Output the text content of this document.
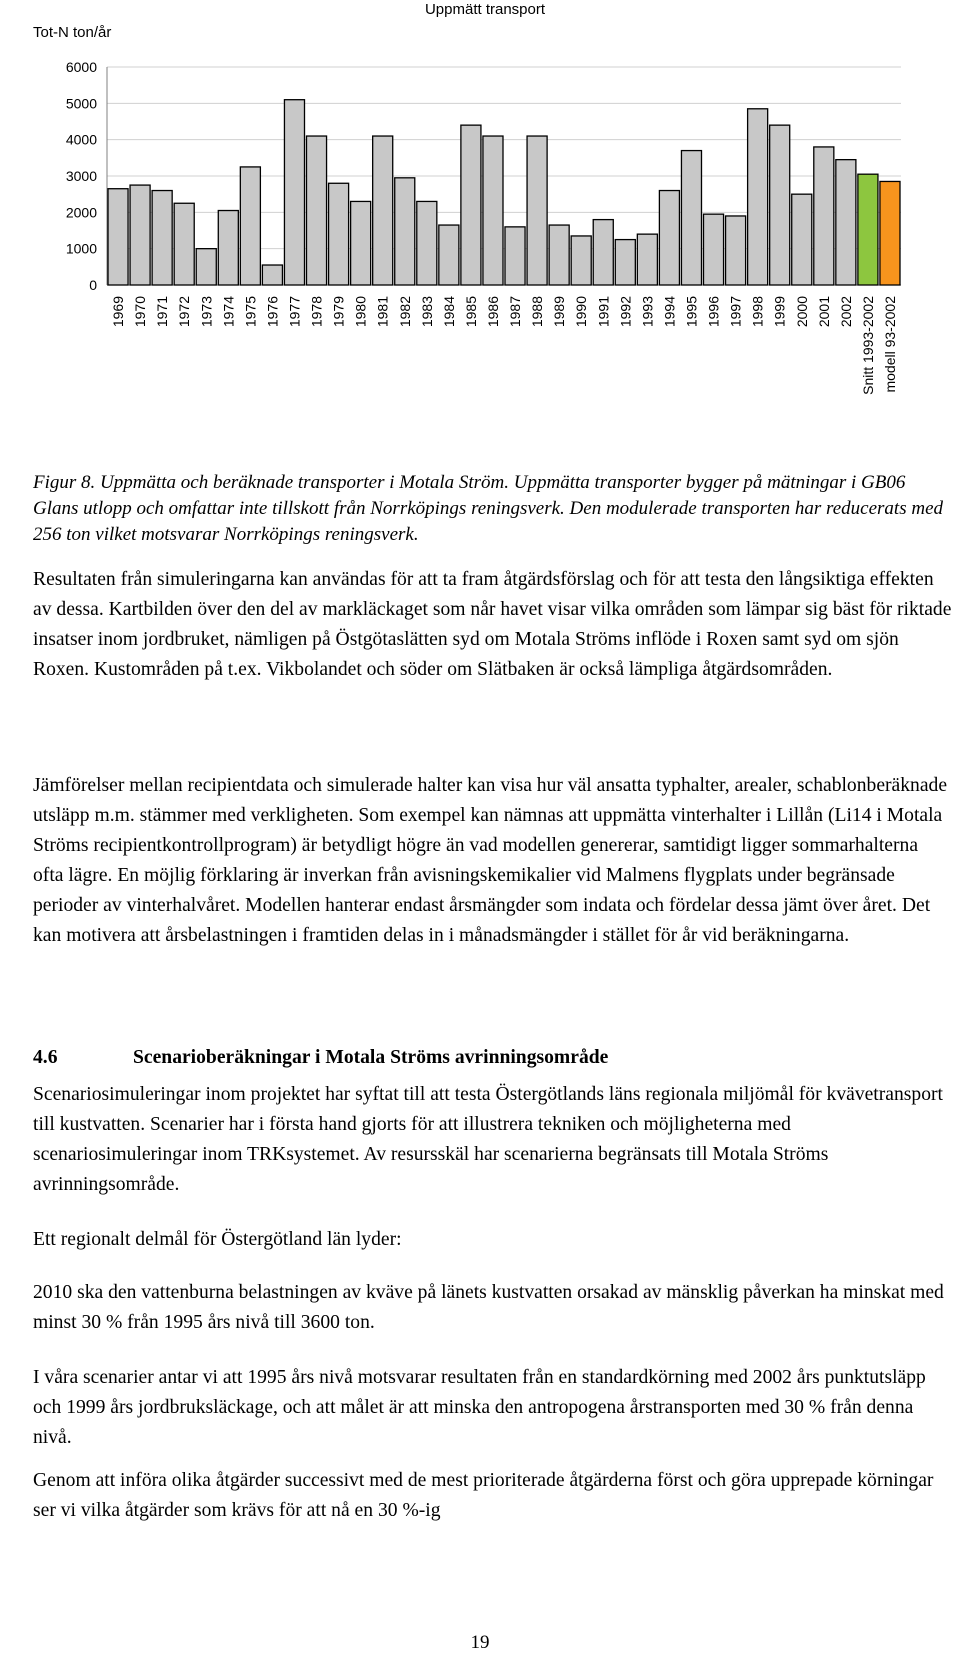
Tot-N ton/år
Uppmätt transport
6000
5000
4000
3000
2000
1000
0
1969 1970 1971 1972 1973 1974 1975 1976 1977 1978 1979 1980 1981 1982 1983 1984 1985 1986 1987 1988 1989 1990 1991 1992 1993 1994 1995 1996 1997 1998 1999 2000 2001 2002 Snitt 1993-2002 modell 93-2002
Figur 8. Uppmätta och beräknade transporter i Motala Ström. Uppmätta transporter bygger på mätningar i GB06 Glans utlopp och omfattar inte tillskott från Norrköpings reningsverk. Den modulerade transporten har reducerats med 256 ton vilket motsvarar Norrköpings reningsverk.

Resultaten från simuleringarna kan användas för att ta fram åtgärdsförslag och för att testa den långsiktiga effekten av dessa. Kartbilden över den del av markläckaget som når havet visar vilka områden som lämpar sig bäst för riktade insatser inom jordbruket, nämligen på Östgötaslätten syd om Motala Ströms inflöde i Roxen samt syd om sjön Roxen. Kustområden på t.ex. Vikbolandet och söder om Slätbaken är också lämpliga åtgärdsområden.

Jämförelser mellan recipientdata och simulerade halter kan visa hur väl ansatta typhalter, arealer, schablonberäknade utsläpp m.m. stämmer med verkligheten. Som exempel kan nämnas att uppmätta vinterhalter i Lillån (Li14 i Motala Ströms recipientkontrollprogram) är betydligt högre än vad modellen genererar, samtidigt ligger sommarhalterna ofta lägre. En möjlig förklaring är inverkan från avisningskemikalier vid Malmens flygplats under begränsade perioder av vinterhalvåret. Modellen hanterar endast årsmängder som indata och fördelar dessa jämt över året. Det kan motivera att årsbelastningen i framtiden delas in i månadsmängder i stället för år vid beräkningarna.

4.6	Scenarioberäkningar i Motala Ströms avrinningsområde

Scenariosimuleringar inom projektet har syftat till att testa Östergötlands läns regionala miljömål för kvävetransport till kustvatten. Scenarier har i första hand gjorts för att illustrera tekniken och möjligheterna med scenariosimuleringar inom TRKsystemet. Av resursskäl har scenarierna begränsats till Motala Ströms avrinningsområde.

Ett regionalt delmål för Östergötland län lyder:

2010 ska den vattenburna belastningen av kväve på länets kustvatten orsakad av mänsklig påverkan ha minskat med minst 30 % från 1995 års nivå till 3600 ton.

I våra scenarier antar vi att 1995 års nivå motsvarar resultaten från en standardkörning med 2002 års punktutsläpp och 1999 års jordbruksläckage, och att målet är att minska den antropogena årstransporten med 30 % från denna nivå.

Genom att införa olika åtgärder successivt med de mest prioriterade åtgärderna först och göra upprepade körningar ser vi vilka åtgärder som krävs för att nå en 30 %-ig

19
